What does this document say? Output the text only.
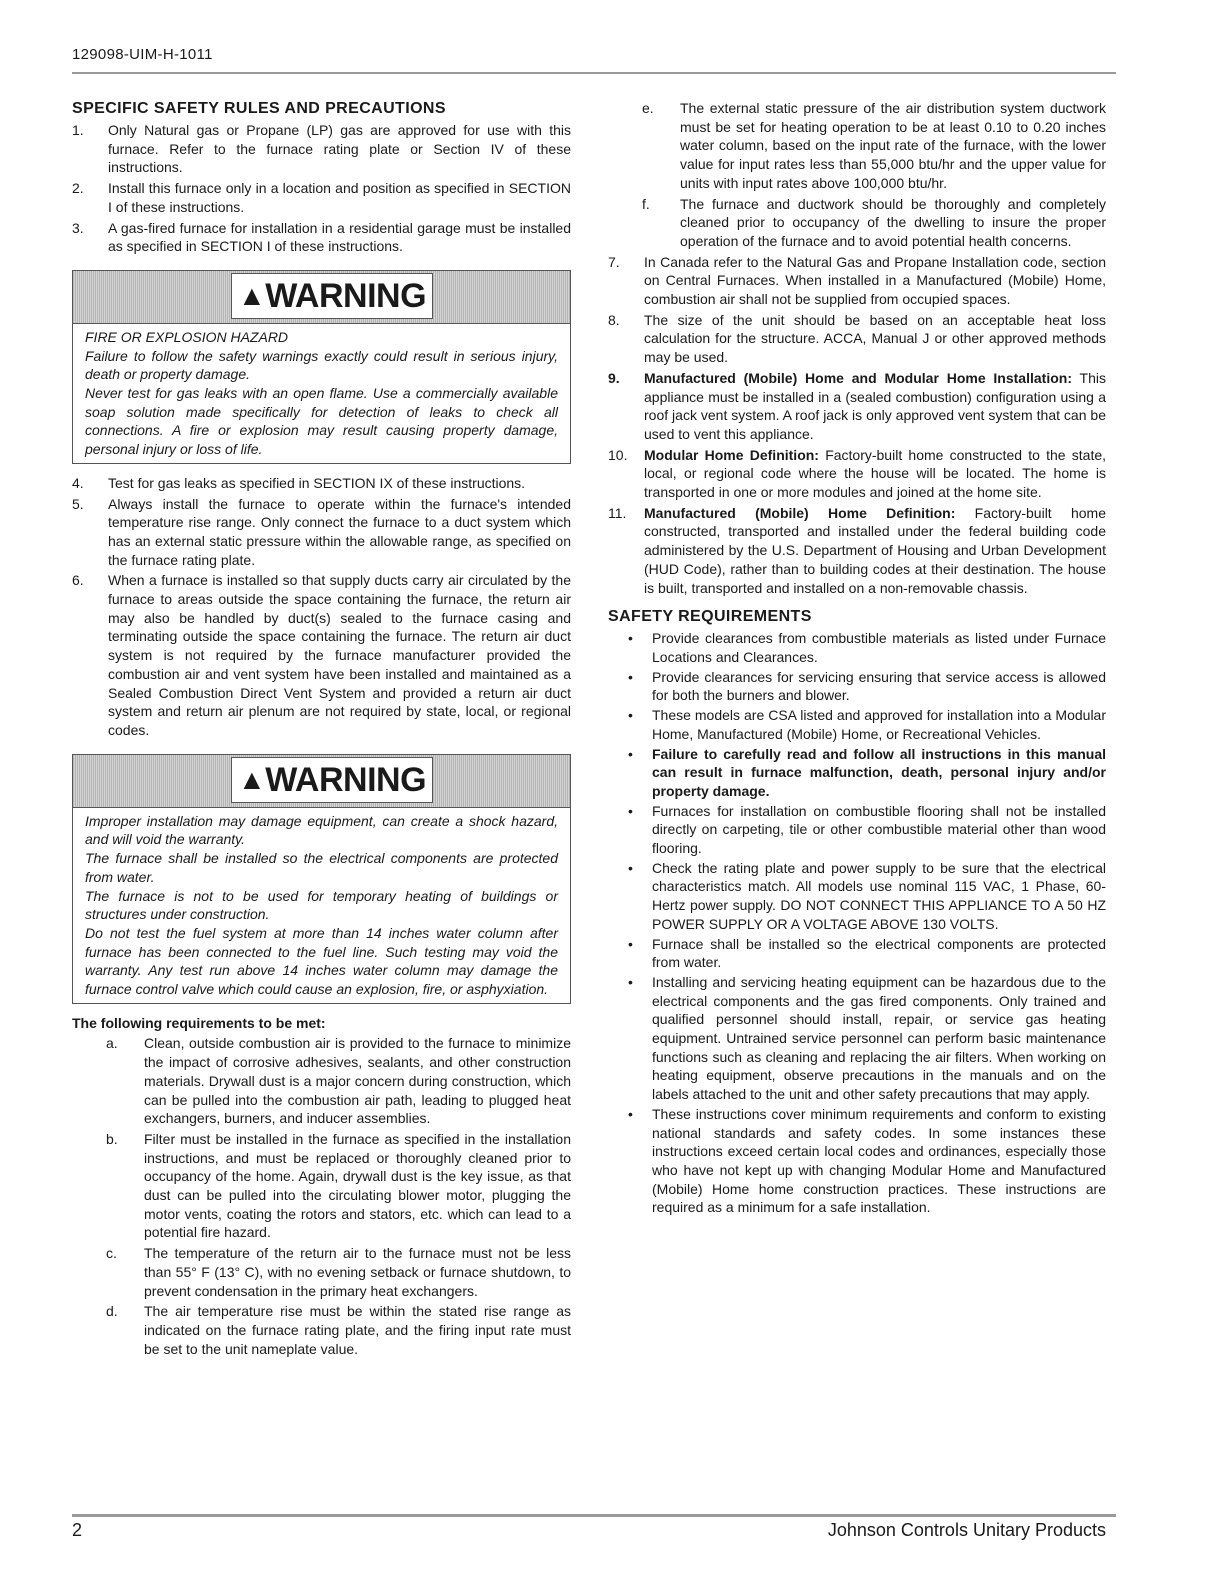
129098-UIM-H-1011
SPECIFIC SAFETY RULES AND PRECAUTIONS
1.	Only Natural gas or Propane (LP) gas are approved for use with this furnace. Refer to the furnace rating plate or Section IV of these instructions.
2.	Install this furnace only in a location and position as specified in SECTION I of these instructions.
3.	A gas-fired furnace for installation in a residential garage must be installed as specified in SECTION I of these instructions.
▲WARNING

FIRE OR EXPLOSION HAZARD

Failure to follow the safety warnings exactly could result in serious injury, death or property damage.

Never test for gas leaks with an open flame. Use a commercially available soap solution made specifically for detection of leaks to check all connections. A fire or explosion may result causing property damage, personal injury or loss of life.

4.	Test for gas leaks as specified in SECTION IX of these instructions.
5.	Always install the furnace to operate within the furnace's intended temperature rise range. Only connect the furnace to a duct system which has an external static pressure within the allowable range, as specified on the furnace rating plate.
6.	When a furnace is installed so that supply ducts carry air circulated by the furnace to areas outside the space containing the furnace, the return air may also be handled by duct(s) sealed to the furnace casing and terminating outside the space containing the furnace. The return air duct system is not required by the furnace manufacturer provided the combustion air and vent system have been installed and maintained as a Sealed Combustion Direct Vent System and provided a return air duct system and return air plenum are not required by state, local, or regional codes.
▲WARNING

Improper installation may damage equipment, can create a shock hazard, and will void the warranty.

The furnace shall be installed so the electrical components are protected from water.

The furnace is not to be used for temporary heating of buildings or structures under construction.

Do not test the fuel system at more than 14 inches water column after furnace has been connected to the fuel line. Such testing may void the warranty. Any test run above 14 inches water column may damage the furnace control valve which could cause an explosion, fire, or asphyxiation.

The following requirements to be met:
a.	Clean, outside combustion air is provided to the furnace to minimize the impact of corrosive adhesives, sealants, and other construction materials. Drywall dust is a major concern during construction, which can be pulled into the combustion air path, leading to plugged heat exchangers, burners, and inducer assemblies.
b.	Filter must be installed in the furnace as specified in the installation instructions, and must be replaced or thoroughly cleaned prior to occupancy of the home. Again, drywall dust is the key issue, as that dust can be pulled into the circulating blower motor, plugging the motor vents, coating the rotors and stators, etc. which can lead to a potential fire hazard.
c.	The temperature of the return air to the furnace must not be less than 55° F (13° C), with no evening setback or furnace shutdown, to prevent condensation in the primary heat exchangers.
d.	The air temperature rise must be within the stated rise range as indicated on the furnace rating plate, and the firing input rate must be set to the unit nameplate value.
e.	The external static pressure of the air distribution system ductwork must be set for heating operation to be at least 0.10 to 0.20 inches water column, based on the input rate of the furnace, with the lower value for input rates less than 55,000 btu/hr and the upper value for units with input rates above 100,000 btu/hr.
f.	The furnace and ductwork should be thoroughly and completely cleaned prior to occupancy of the dwelling to insure the proper operation of the furnace and to avoid potential health concerns.
7.	In Canada refer to the Natural Gas and Propane Installation code, section on Central Furnaces. When installed in a Manufactured (Mobile) Home, combustion air shall not be supplied from occupied spaces.
8.	The size of the unit should be based on an acceptable heat loss calculation for the structure. ACCA, Manual J or other approved methods may be used.
9.	Manufactured (Mobile) Home and Modular Home Installation: This appliance must be installed in a (sealed combustion) configuration using a roof jack vent system. A roof jack is only approved vent system that can be used to vent this appliance.
10.	Modular Home Definition: Factory-built home constructed to the state, local, or regional code where the house will be located. The home is transported in one or more modules and joined at the home site.
11.	Manufactured (Mobile) Home Definition: Factory-built home constructed, transported and installed under the federal building code administered by the U.S. Department of Housing and Urban Development (HUD Code), rather than to building codes at their destination. The house is built, transported and installed on a non-removable chassis.
SAFETY REQUIREMENTS
•	Provide clearances from combustible materials as listed under Furnace Locations and Clearances.
•	Provide clearances for servicing ensuring that service access is allowed for both the burners and blower.
•	These models are CSA listed and approved for installation into a Modular Home, Manufactured (Mobile) Home, or Recreational Vehicles.
•	Failure to carefully read and follow all instructions in this manual can result in furnace malfunction, death, personal injury and/or property damage.
•	Furnaces for installation on combustible flooring shall not be installed directly on carpeting, tile or other combustible material other than wood flooring.
•	Check the rating plate and power supply to be sure that the electrical characteristics match. All models use nominal 115 VAC, 1 Phase, 60-Hertz power supply. DO NOT CONNECT THIS APPLIANCE TO A 50 HZ POWER SUPPLY OR A VOLTAGE ABOVE 130 VOLTS.
•	Furnace shall be installed so the electrical components are protected from water.
•	Installing and servicing heating equipment can be hazardous due to the electrical components and the gas fired components. Only trained and qualified personnel should install, repair, or service gas heating equipment. Untrained service personnel can perform basic maintenance functions such as cleaning and replacing the air filters. When working on heating equipment, observe precautions in the manuals and on the labels attached to the unit and other safety precautions that may apply.
•	These instructions cover minimum requirements and conform to existing national standards and safety codes. In some instances these instructions exceed certain local codes and ordinances, especially those who have not kept up with changing Modular Home and Manufactured (Mobile) Home home construction practices. These instructions are required as a minimum for a safe installation.
2	Johnson Controls Unitary Products
